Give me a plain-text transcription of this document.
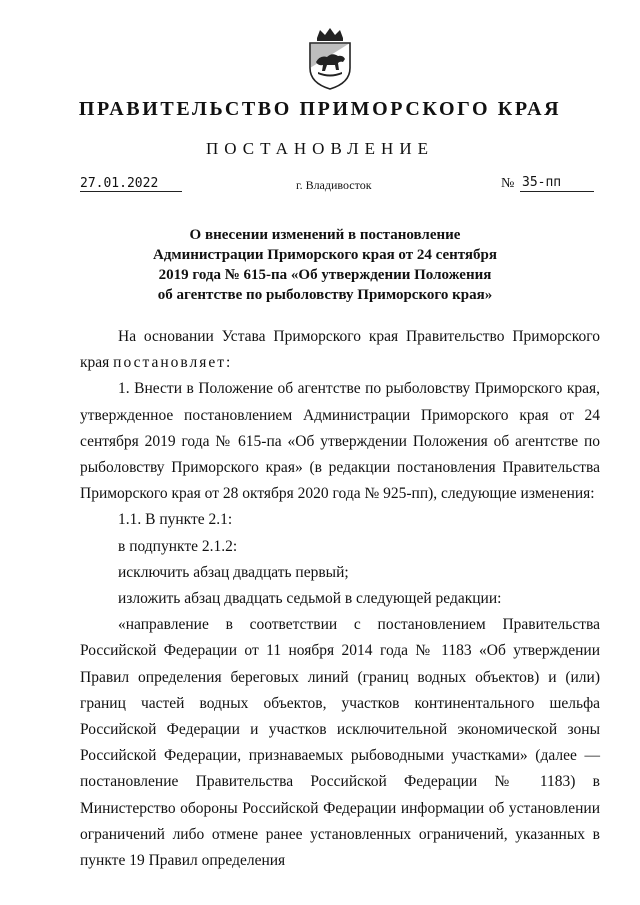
ПРАВИТЕЛЬСТВО ПРИМОРСКОГО КРАЯ
ПОСТАНОВЛЕНИЕ
27.01.2022	г. Владивосток	№ 35-пп
О внесении изменений в постановление
Администрации Приморского края от 24 сентября
2019 года № 615-па «Об утверждении Положения
об агентстве по рыболовству Приморского края»

На основании Устава Приморского края Правительство Приморского края постановляет:

1. Внести в Положение об агентстве по рыболовству Приморского края, утвержденное постановлением Администрации Приморского края от 24 сентября 2019 года № 615-па «Об утверждении Положения об агентстве по рыболовству Приморского края» (в редакции постановления Правительства Приморского края от 28 октября 2020 года № 925-пп), следующие изменения:

1.1. В пункте 2.1:

в подпункте 2.1.2:

исключить абзац двадцать первый;

изложить абзац двадцать седьмой в следующей редакции:

«направление в соответствии с постановлением Правительства Российской Федерации от 11 ноября 2014 года № 1183 «Об утверждении Правил определения береговых линий (границ водных объектов) и (или) границ частей водных объектов, участков континентального шельфа Российской Федерации и участков исключительной экономической зоны Российской Федерации, признаваемых рыбоводными участками» (далее — постановление Правительства Российской Федерации № 1183) в Министерство обороны Российской Федерации информации об установлении ограничений либо отмене ранее установленных ограничений, указанных в пункте 19 Правил определения
